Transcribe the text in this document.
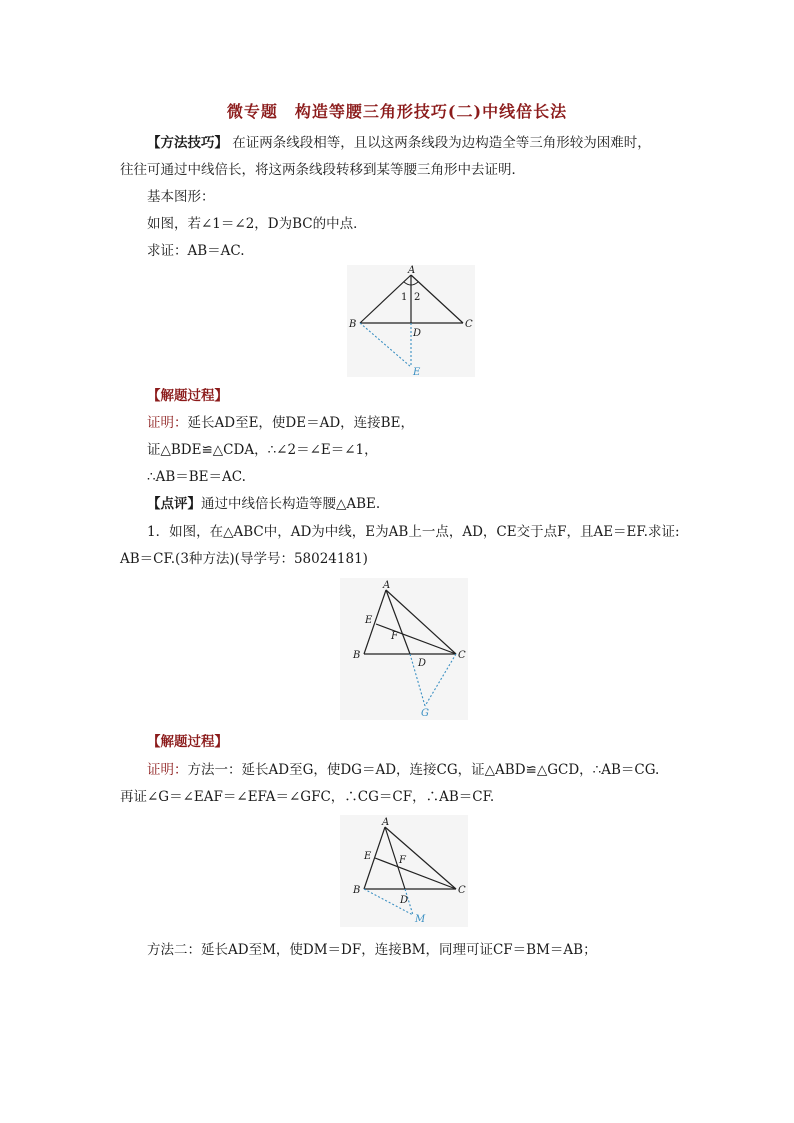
微专题　构造等腰三角形技巧(二)中线倍长法
【方法技巧】 在证两条线段相等，且以这两条线段为边构造全等三角形较为困难时，
往往可通过中线倍长，将这两条线段转移到某等腰三角形中去证明．
基本图形：
如图，若∠1＝∠2，D为BC的中点．
求证：AB＝AC.
A
B	C
D
E
1 2
【解题过程】
证明：延长AD至E，使DE＝AD，连接BE，
证△BDE≌△CDA，∴∠2＝∠E＝∠1，
∴AB＝BE＝AC.
【点评】通过中线倍长构造等腰△ABE.
1．如图，在△ABC中，AD为中线，E为AB上一点，AD，CE交于点F，且AE＝EF.求证:
AB＝CF.(3种方法)(导学号：58024181)
A
B	C
D
E
F
G
【解题过程】
证明：方法一：延长AD至G，使DG＝AD，连接CG，证△ABD≌△GCD，∴AB＝CG.
再证∠G＝∠EAF＝∠EFA＝∠GFC，∴CG＝CF，∴AB＝CF.
A
B	C
D
E	F
M
方法二：延长AD至M，使DM＝DF，连接BM，同理可证CF＝BM＝AB；
